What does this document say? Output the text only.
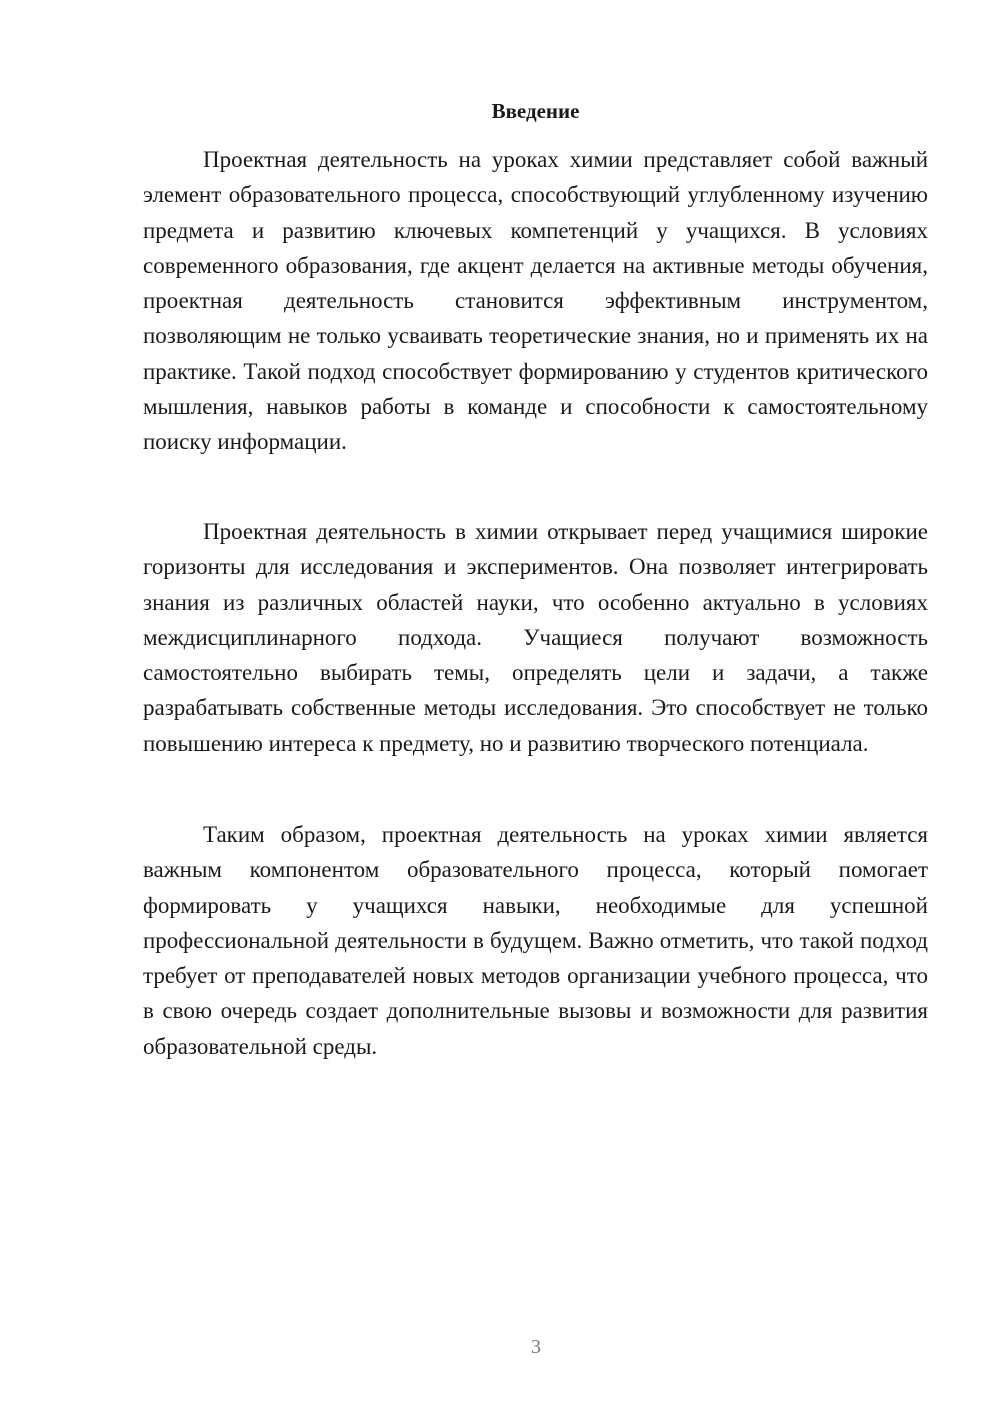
Введение

Проектная деятельность на уроках химии представляет собой важный элемент образовательного процесса, способствующий углубленному изучению предмета и развитию ключевых компетенций у учащихся. В условиях современного образования, где акцент делается на активные методы обучения, проектная деятельность становится эффективным инструментом, позволяющим не только усваивать теоретические знания, но и применять их на практике. Такой подход способствует формированию у студентов критического мышления, навыков работы в команде и способности к самостоятельному поиску информации.

Проектная деятельность в химии открывает перед учащимися широкие горизонты для исследования и экспериментов. Она позволяет интегрировать знания из различных областей науки, что особенно актуально в условиях междисциплинарного подхода. Учащиеся получают возможность самостоятельно выбирать темы, определять цели и задачи, а также разрабатывать собственные методы исследования. Это способствует не только повышению интереса к предмету, но и развитию творческого потенциала.

Таким образом, проектная деятельность на уроках химии является важным компонентом образовательного процесса, который помогает формировать у учащихся навыки, необходимые для успешной профессиональной деятельности в будущем. Важно отметить, что такой подход требует от преподавателей новых методов организации учебного процесса, что в свою очередь создает дополнительные вызовы и возможности для развития образовательной среды.

3
